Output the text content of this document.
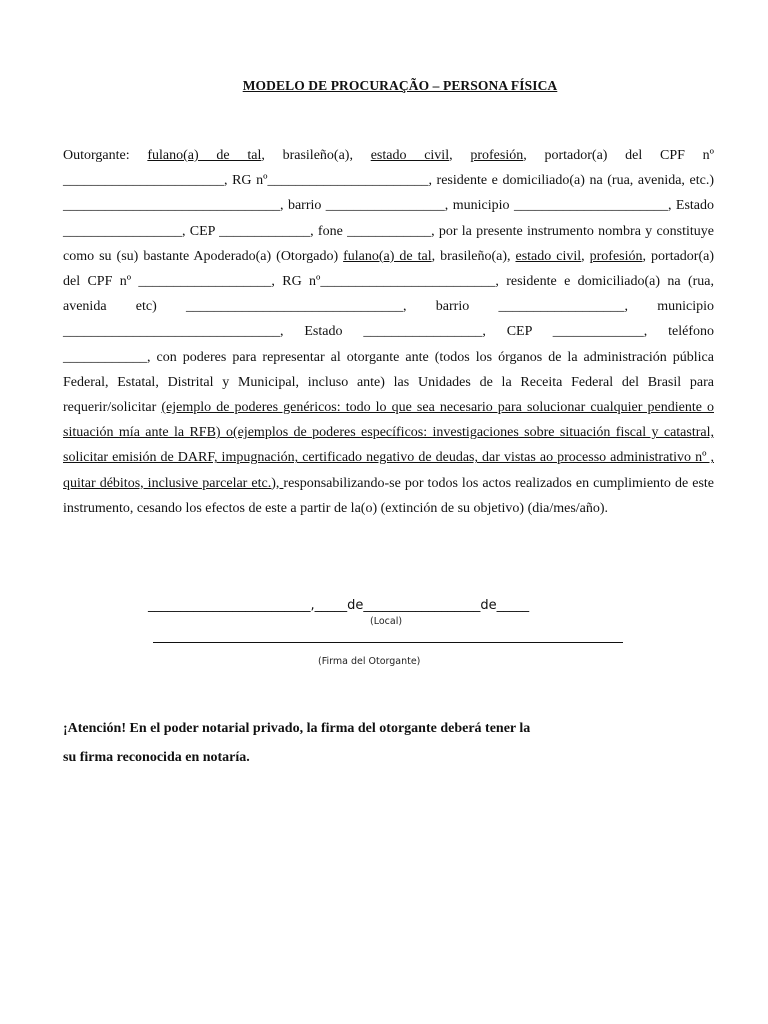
MODELO DE PROCURAÇÃO – PERSONA FÍSICA

Outorgante: fulano(a) de tal, brasileño(a), estado civil, profesión, portador(a) del CPF nº _______________________, RG nº_______________________, residente e domiciliado(a) na (rua, avenida, etc.) _______________________________, barrio _________________, municipio ______________________, Estado _________________, CEP _____________, fone ____________, por la presente instrumento nombra y constituye como su (su) bastante Apoderado(a) (Otorgado) fulano(a) de tal, brasileño(a), estado civil, profesión, portador(a) del CPF nº ___________________, RG nº_________________________, residente e domiciliado(a) na (rua, avenida etc) _______________________________, barrio __________________, municipio _______________________________, Estado _________________, CEP _____________, teléfono ____________, con poderes para representar al otorgante ante (todos los órganos de la administración pública Federal, Estatal, Distrital y Municipal, incluso ante) las Unidades de la Receita Federal del Brasil para requerir/solicitar (ejemplo de poderes genéricos: todo lo que sea necesario para solucionar cualquier pendiente o situación mía ante la RFB) o(ejemplos de poderes específicos: investigaciones sobre situación fiscal y catastral, solicitar emisión de DARF, impugnación, certificado negativo de deudas, dar vistas ao processo administrativo nº , quitar débitos, inclusive parcelar etc.), responsabilizando-se por todos los actos realizados en cumplimiento de este instrumento, cesando los efectos de este a partir de la(o) (extinción de su objetivo) (dia/mes/año).

_________________________,_____de__________________de_____
(Local)
(Firma del Otorgante)
¡Atención! En el poder notarial privado, la firma del otorgante deberá tener la
su firma reconocida en notaría.
